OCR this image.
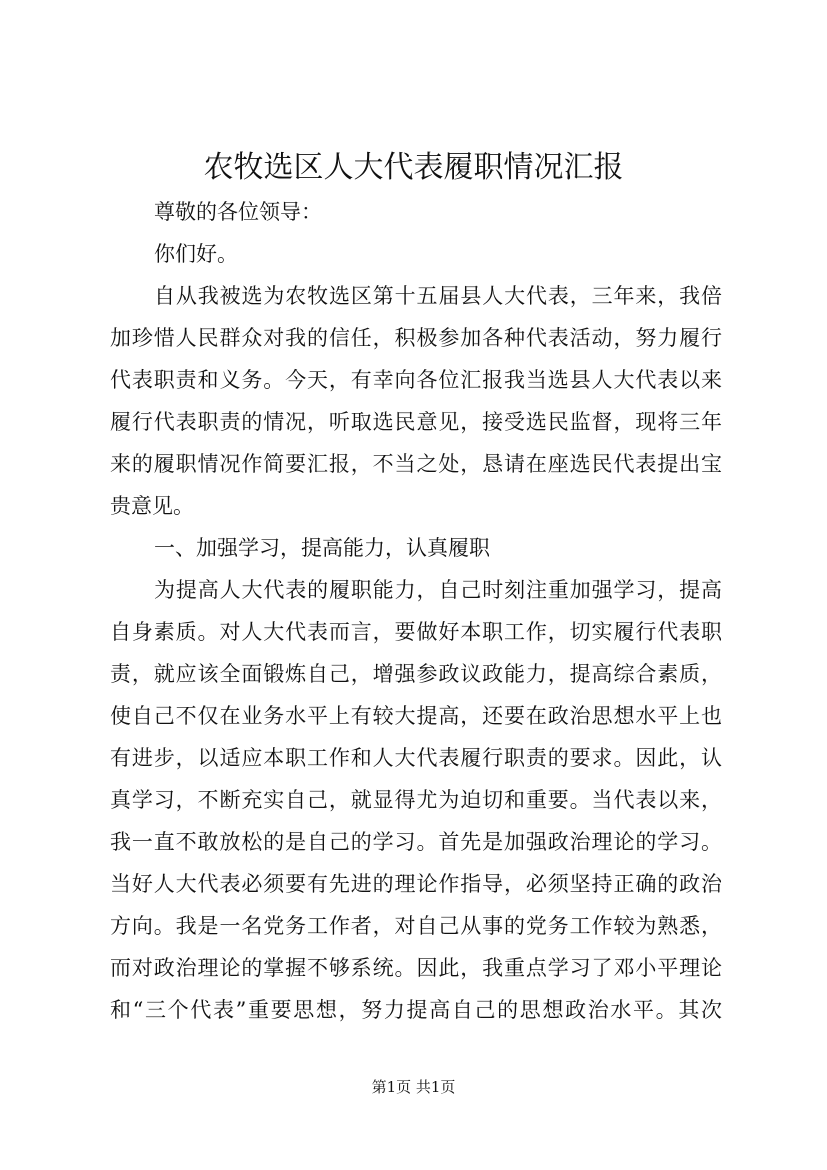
农牧选区人大代表履职情况汇报
尊敬的各位领导：
你们好。
自从我被选为农牧选区第十五届县人大代表，三年来，我倍
加珍惜人民群众对我的信任，积极参加各种代表活动，努力履行
代表职责和义务。今天，有幸向各位汇报我当选县人大代表以来
履行代表职责的情况，听取选民意见，接受选民监督，现将三年
来的履职情况作简要汇报，不当之处，恳请在座选民代表提出宝
贵意见。
一、加强学习，提高能力，认真履职
为提高人大代表的履职能力，自己时刻注重加强学习，提高
自身素质。对人大代表而言，要做好本职工作，切实履行代表职
责，就应该全面锻炼自己，增强参政议政能力，提高综合素质，
使自己不仅在业务水平上有较大提高，还要在政治思想水平上也
有进步，以适应本职工作和人大代表履行职责的要求。因此，认
真学习，不断充实自己，就显得尤为迫切和重要。当代表以来，
我一直不敢放松的是自己的学习。首先是加强政治理论的学习。
当好人大代表必须要有先进的理论作指导，必须坚持正确的政治
方向。我是一名党务工作者，对自己从事的党务工作较为熟悉，
而对政治理论的掌握不够系统。因此，我重点学习了邓小平理论
和“三个代表”重要思想，努力提高自己的思想政治水平。其次
第1页 共1页
